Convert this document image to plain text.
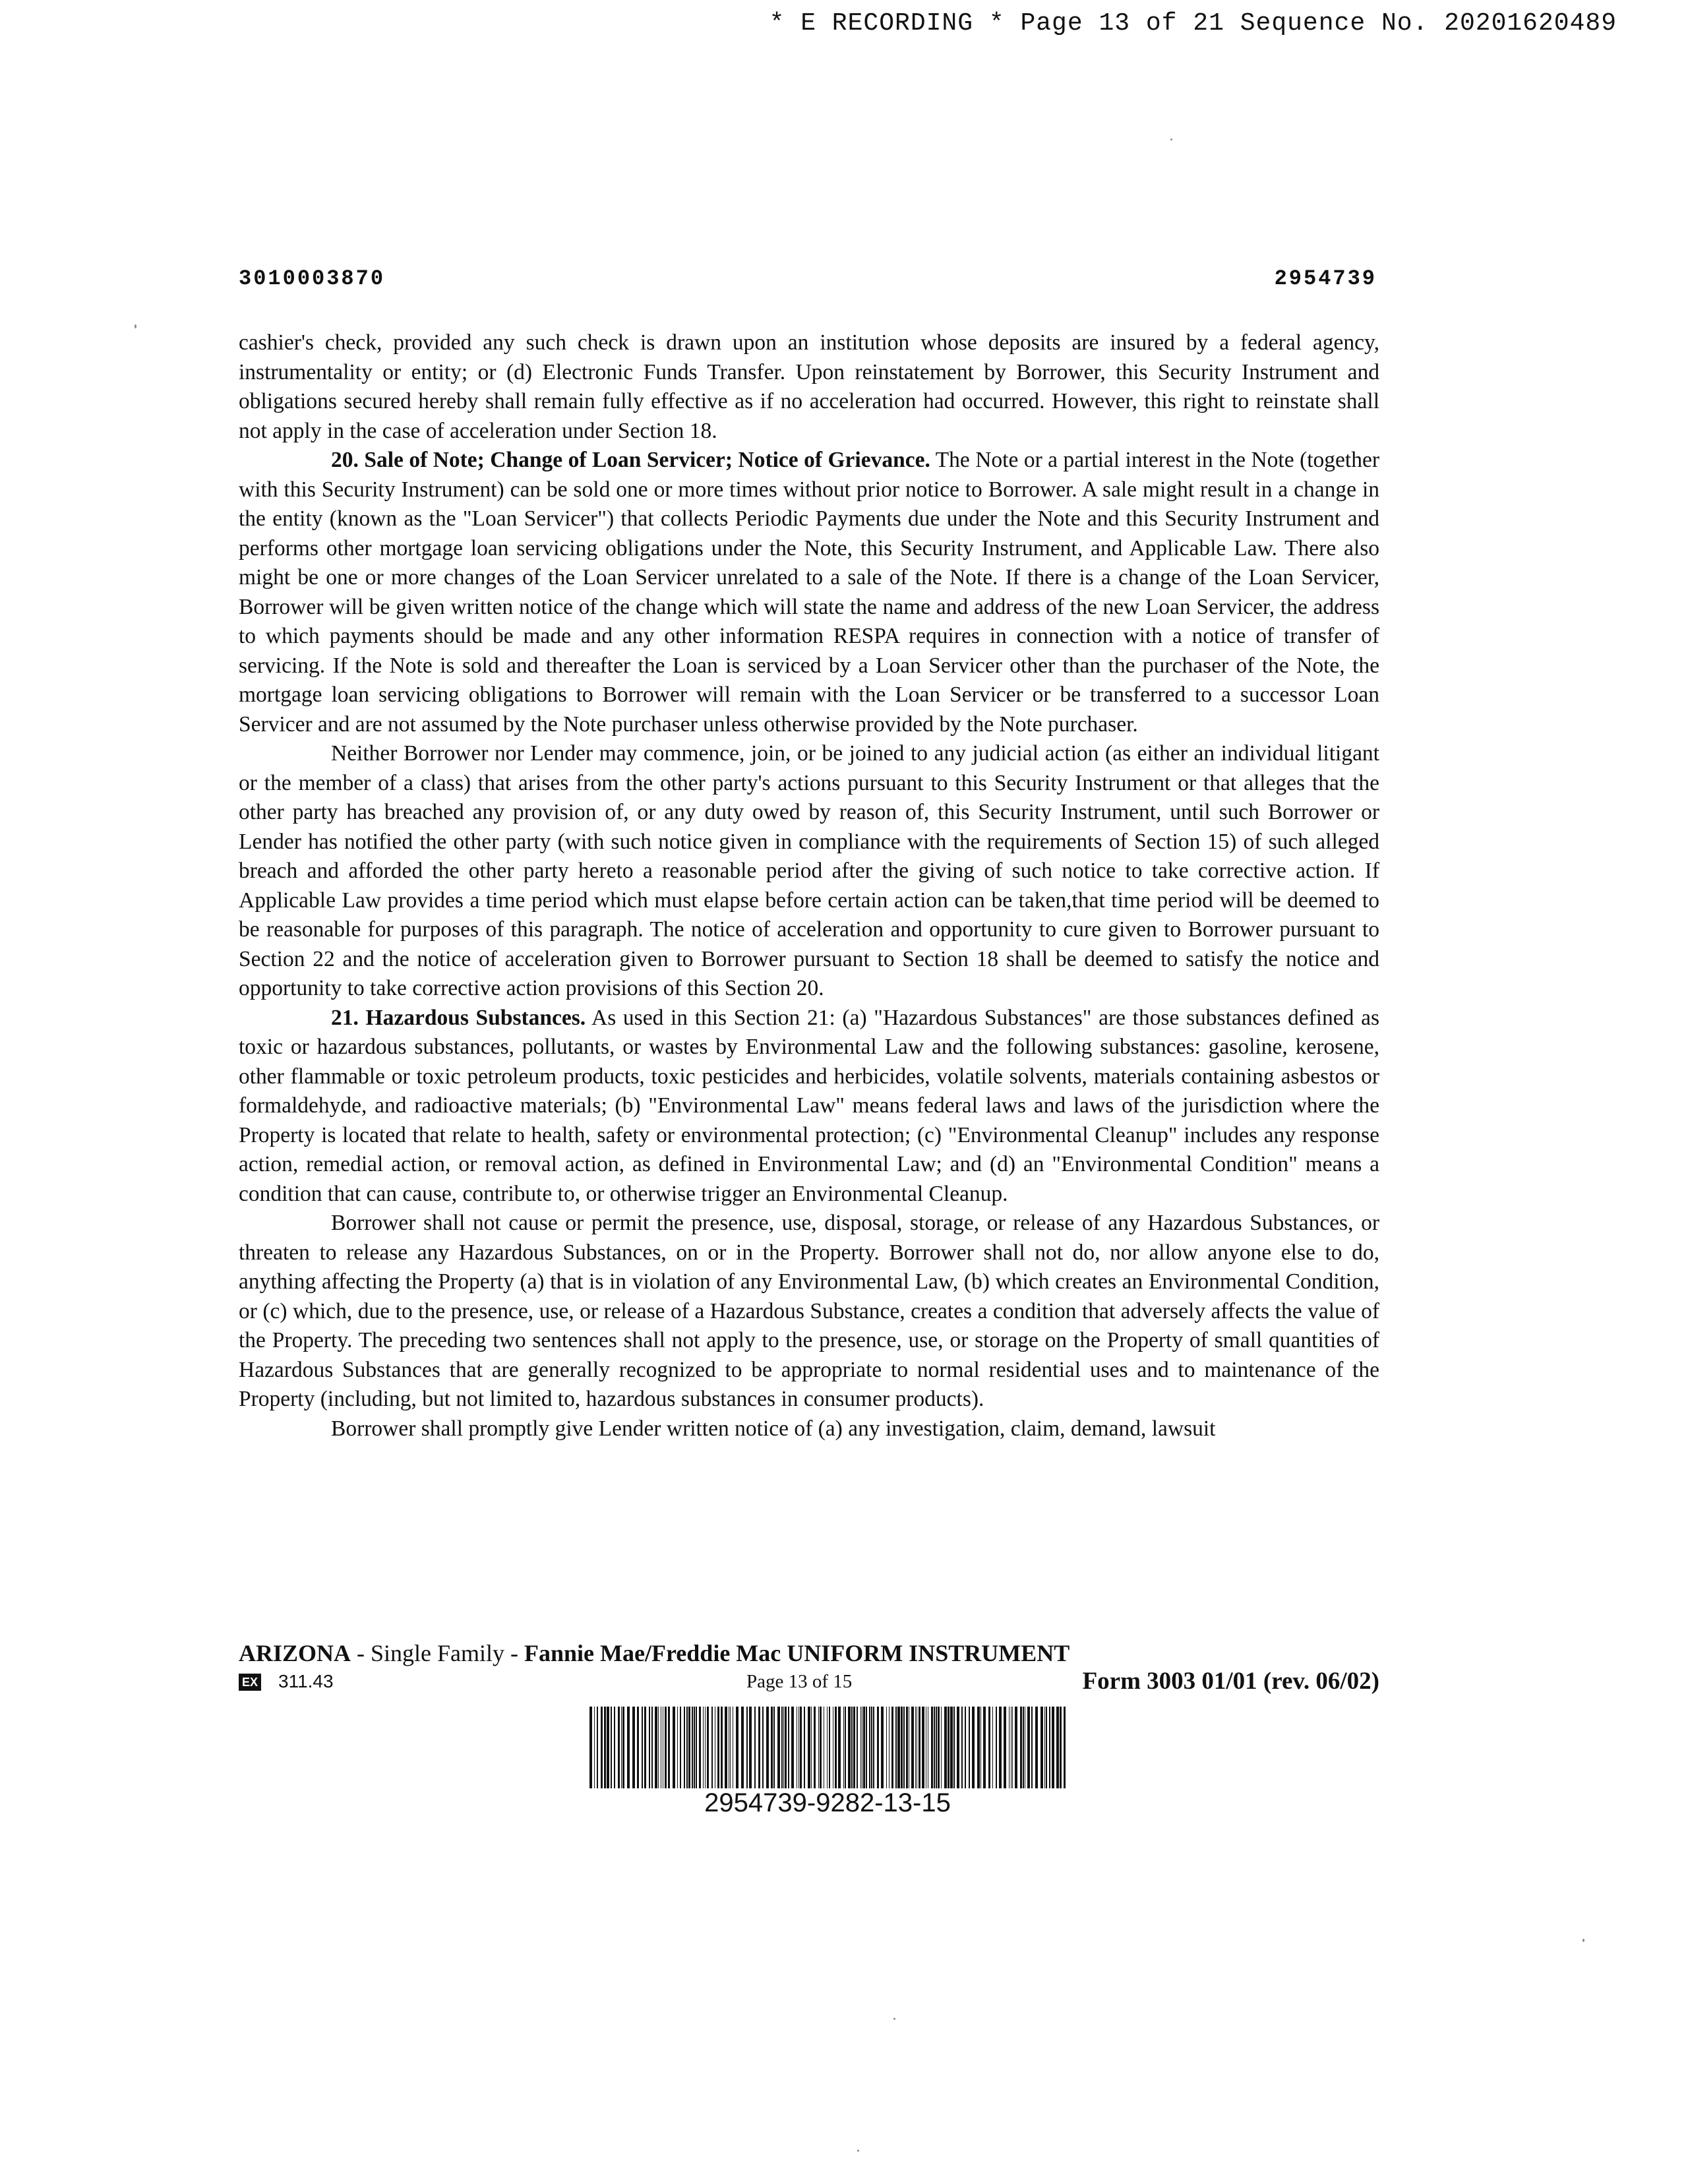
* E RECORDING * Page 13 of 21 Sequence No. 20201620489
3010003870	2954739

cashier's check, provided any such check is drawn upon an institution whose deposits are insured by a federal agency, instrumentality or entity; or (d) Electronic Funds Transfer. Upon reinstatement by Borrower, this Security Instrument and obligations secured hereby shall remain fully effective as if no acceleration had occurred. However, this right to reinstate shall not apply in the case of acceleration under Section 18.

20. Sale of Note; Change of Loan Servicer; Notice of Grievance. The Note or a partial interest in the Note (together with this Security Instrument) can be sold one or more times without prior notice to Borrower. A sale might result in a change in the entity (known as the "Loan Servicer") that collects Periodic Payments due under the Note and this Security Instrument and performs other mortgage loan servicing obligations under the Note, this Security Instrument, and Applicable Law. There also might be one or more changes of the Loan Servicer unrelated to a sale of the Note. If there is a change of the Loan Servicer, Borrower will be given written notice of the change which will state the name and address of the new Loan Servicer, the address to which payments should be made and any other information RESPA requires in connection with a notice of transfer of servicing. If the Note is sold and thereafter the Loan is serviced by a Loan Servicer other than the purchaser of the Note, the mortgage loan servicing obligations to Borrower will remain with the Loan Servicer or be transferred to a successor Loan Servicer and are not assumed by the Note purchaser unless otherwise provided by the Note purchaser.

Neither Borrower nor Lender may commence, join, or be joined to any judicial action (as either an individual litigant or the member of a class) that arises from the other party's actions pursuant to this Security Instrument or that alleges that the other party has breached any provision of, or any duty owed by reason of, this Security Instrument, until such Borrower or Lender has notified the other party (with such notice given in compliance with the requirements of Section 15) of such alleged breach and afforded the other party hereto a reasonable period after the giving of such notice to take corrective action. If Applicable Law provides a time period which must elapse before certain action can be taken,that time period will be deemed to be reasonable for purposes of this paragraph. The notice of acceleration and opportunity to cure given to Borrower pursuant to Section 22 and the notice of acceleration given to Borrower pursuant to Section 18 shall be deemed to satisfy the notice and opportunity to take corrective action provisions of this Section 20.

21. Hazardous Substances. As used in this Section 21: (a) "Hazardous Substances" are those substances defined as toxic or hazardous substances, pollutants, or wastes by Environmental Law and the following substances: gasoline, kerosene, other flammable or toxic petroleum products, toxic pesticides and herbicides, volatile solvents, materials containing asbestos or formaldehyde, and radioactive materials; (b) "Environmental Law" means federal laws and laws of the jurisdiction where the Property is located that relate to health, safety or environmental protection; (c) "Environmental Cleanup" includes any response action, remedial action, or removal action, as defined in Environmental Law; and (d) an "Environmental Condition" means a condition that can cause, contribute to, or otherwise trigger an Environmental Cleanup.

Borrower shall not cause or permit the presence, use, disposal, storage, or release of any Hazardous Substances, or threaten to release any Hazardous Substances, on or in the Property. Borrower shall not do, nor allow anyone else to do, anything affecting the Property (a) that is in violation of any Environmental Law, (b) which creates an Environmental Condition, or (c) which, due to the presence, use, or release of a Hazardous Substance, creates a condition that adversely affects the value of the Property. The preceding two sentences shall not apply to the presence, use, or storage on the Property of small quantities of Hazardous Substances that are generally recognized to be appropriate to normal residential uses and to maintenance of the Property (including, but not limited to, hazardous substances in consumer products).

Borrower shall promptly give Lender written notice of (a) any investigation, claim, demand, lawsuit

ARIZONA - Single Family - Fannie Mae/Freddie Mac UNIFORM INSTRUMENT
EX 311.43	Page 13 of 15	Form 3003 01/01 (rev. 06/02)
2954739-9282-13-15
